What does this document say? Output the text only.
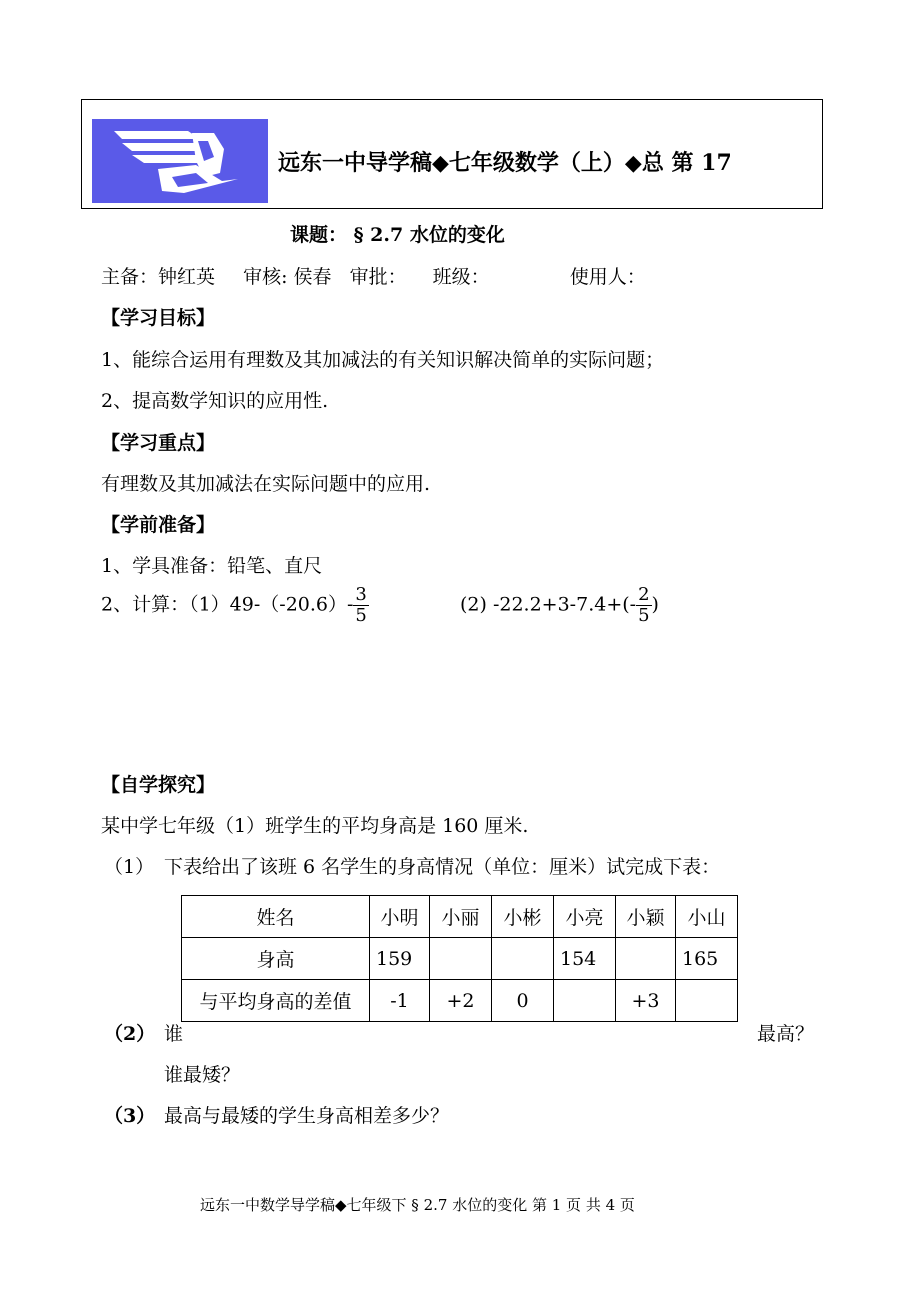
远东一中导学稿◆七年级数学（上）◆总 第 17
课题： § 2.7 水位的变化
主备：钟红英 审核: 侯春 审批： 班级：	使用人：
【学习目标】
1、能综合运用有理数及其加减法的有关知识解决简单的实际问题；
2、提高数学知识的应用性.
【学习重点】
有理数及其加减法在实际问题中的应用.
【学前准备】
1、学具准备：铅笔、直尺
2、计算：$(1)49-(-20.6)- \frac{3}{5}$	(2) $-22.2+3-7.4+(- \frac{2}{5}$ )
【自学探究】
某中学七年级（1）班学生的平均身高是 160 厘米.
（1） 下表给出了该班 6 名学生的身高情况（单位：厘米）试完成下表：
姓名	小明	小丽	小彬	小亮	小颖	小山
身高	159			154		165
与平均身高的差值	-1	+2	0		+3	
（2） 谁	最高？
谁最矮？
（3） 最高与最矮的学生身高相差多少？
远东一中数学导学稿◆七年级下 § 2.7 水位的变化 第 1 页 共 4 页
